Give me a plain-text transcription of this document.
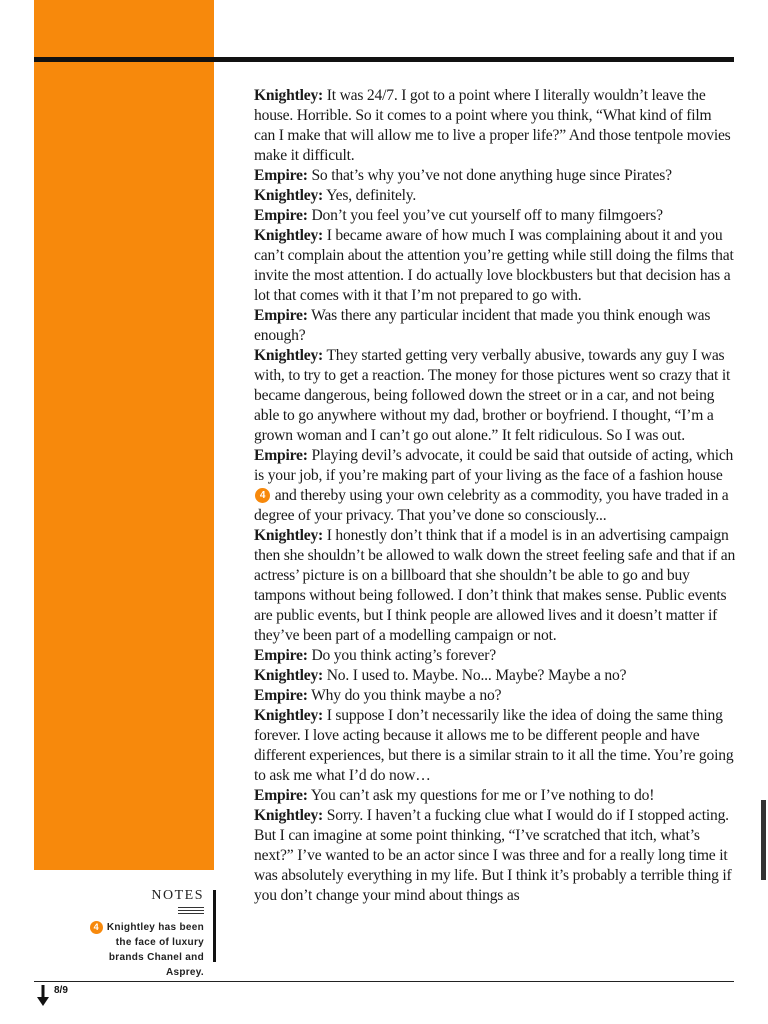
Knightley: It was 24/7. I got to a point where I literally wouldn’t leave the house. Horrible. So it comes to a point where you think, “What kind of film can I make that will allow me to live a proper life?” And those tentpole movies make it difficult.

Empire: So that’s why you’ve not done anything huge since Pirates?

Knightley: Yes, definitely.

Empire: Don’t you feel you’ve cut yourself off to many filmgoers?

Knightley: I became aware of how much I was complaining about it and you can’t complain about the attention you’re getting while still doing the films that invite the most attention. I do actually love blockbusters but that decision has a lot that comes with it that I’m not prepared to go with.

Empire: Was there any particular incident that made you think enough was enough?

Knightley: They started getting very verbally abusive, towards any guy I was with, to try to get a reaction. The money for those pictures went so crazy that it became dangerous, being followed down the street or in a car, and not being able to go anywhere without my dad, brother or boyfriend. I thought, “I’m a grown woman and I can’t go out alone.” It felt ridiculous. So I was out.

Empire: Playing devil’s advocate, it could be said that outside of acting, which is your job, if you’re making part of your living as the face of a fashion house 4 and thereby using your own celebrity as a commodity, you have traded in a degree of your privacy. That you’ve done so consciously...

Knightley: I honestly don’t think that if a model is in an advertising campaign then she shouldn’t be allowed to walk down the street feeling safe and that if an actress’ picture is on a billboard that she shouldn’t be able to go and buy tampons without being followed. I don’t think that makes sense. Public events are public events, but I think people are allowed lives and it doesn’t matter if they’ve been part of a modelling campaign or not.

Empire: Do you think acting’s forever?

Knightley: No. I used to. Maybe. No... Maybe? Maybe a no?

Empire: Why do you think maybe a no?

Knightley: I suppose I don’t necessarily like the idea of doing the same thing forever. I love acting because it allows me to be different people and have different experiences, but there is a similar strain to it all the time. You’re going to ask me what I’d do now…

Empire: You can’t ask my questions for me or I’ve nothing to do!

Knightley: Sorry. I haven’t a fucking clue what I would do if I stopped acting. But I can imagine at some point thinking, “I’ve scratched that itch, what’s next?” I’ve wanted to be an actor since I was three and for a really long time it was absolutely everything in my life. But I think it’s probably a terrible thing if you don’t change your mind about things as

NOTES
4 Knightley has been the face of luxury brands Chanel and Asprey.
8/9
